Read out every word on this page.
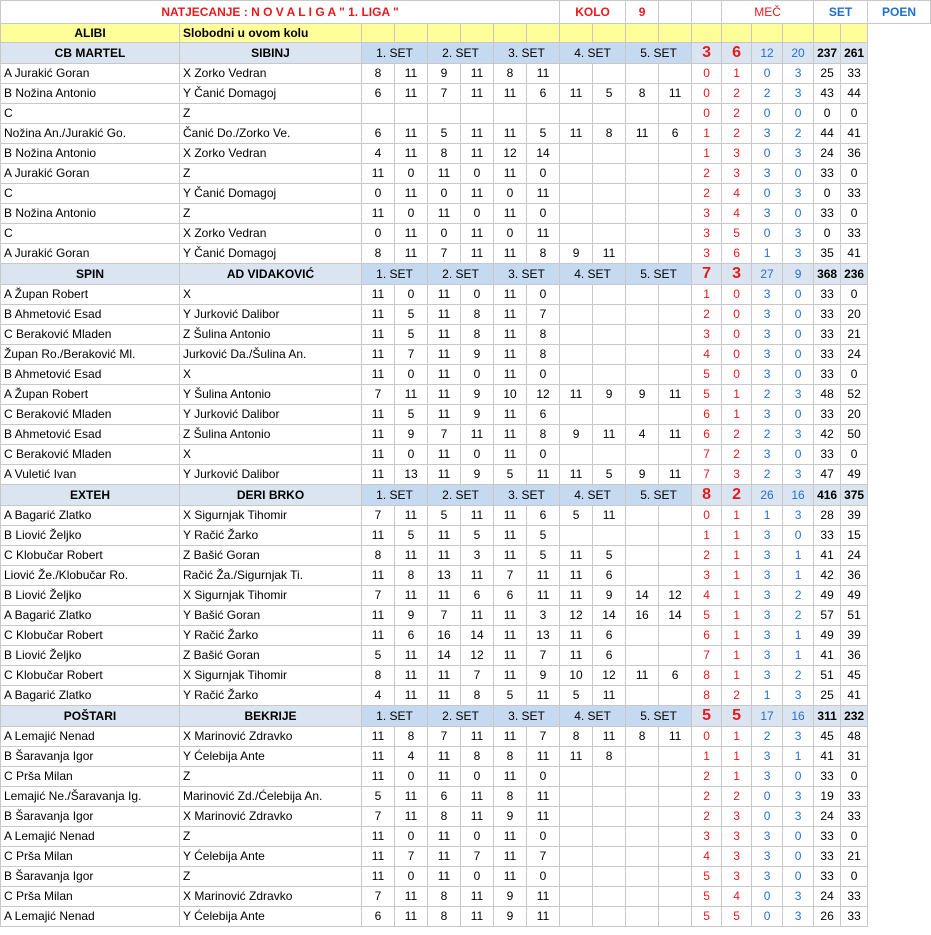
NATJECANJE : N O V A L I G A " 1. LIGA "								KOLO		9			MEČ			SET		POEN
ALIBI	Slobodni u ovom kolu																	
CB MARTEL	SIBINJ	1. SET		2. SET		3. SET		4. SET		5. SET		3	6	12	20	237	261	
A Jurakić Goran	X Zorko Vedran	8	11	9	11	8	11					0	1	0	3	25	33	
B Nožina Antonio	Y Čanić Domagoj	6	11	7	11	11	6	11	5	8	11	0	2	2	3	43	44	
C	Z											0	2	0	0	0	0	
Nožina An./Jurakić Go.	Čanić Do./Zorko Ve.	6	11	5	11	11	5	11	8	11	6	1	2	3	2	44	41	
B Nožina Antonio	X Zorko Vedran	4	11	8	11	12	14					1	3	0	3	24	36	
A Jurakić Goran	Z	11	0	11	0	11	0					2	3	3	0	33	0	
C	Y Čanić Domagoj	0	11	0	11	0	11					2	4	0	3	0	33	
B Nožina Antonio	Z	11	0	11	0	11	0					3	4	3	0	33	0	
C	X Zorko Vedran	0	11	0	11	0	11					3	5	0	3	0	33	
A Jurakić Goran	Y Čanić Domagoj	8	11	7	11	11	8	9	11			3	6	1	3	35	41	
SPIN	AD VIDAKOVIĆ	1. SET		2. SET		3. SET		4. SET		5. SET		7	3	27	9	368	236	
A Župan Robert	X	11	0	11	0	11	0					1	0	3	0	33	0	
B Ahmetović Esad	Y Jurković Dalibor	11	5	11	8	11	7					2	0	3	0	33	20	
C Beraković Mladen	Z Šulina Antonio	11	5	11	8	11	8					3	0	3	0	33	21	
Župan Ro./Beraković Ml.	Jurković Da./Šulina An.	11	7	11	9	11	8					4	0	3	0	33	24	
B Ahmetović Esad	X	11	0	11	0	11	0					5	0	3	0	33	0	
A Župan Robert	Y Šulina Antonio	7	11	11	9	10	12	11	9	9	11	5	1	2	3	48	52	
C Beraković Mladen	Y Jurković Dalibor	11	5	11	9	11	6					6	1	3	0	33	20	
B Ahmetović Esad	Z Šulina Antonio	11	9	7	11	11	8	9	11	4	11	6	2	2	3	42	50	
C Beraković Mladen	X	11	0	11	0	11	0					7	2	3	0	33	0	
A Vuletić Ivan	Y Jurković Dalibor	11	13	11	9	5	11	11	5	9	11	7	3	2	3	47	49	
EXTEH	DERI BRKO	1. SET		2. SET		3. SET		4. SET		5. SET		8	2	26	16	416	375	
A Bagarić Zlatko	X Sigurnjak Tihomir	7	11	5	11	11	6	5	11			0	1	1	3	28	39	
B Liović Željko	Y Račić Žarko	11	5	11	5	11	5					1	1	3	0	33	15	
C Klobučar Robert	Z Bašić Goran	8	11	11	3	11	5	11	5			2	1	3	1	41	24	
Liović Že./Klobučar Ro.	Račić Ža./Sigurnjak Ti.	11	8	13	11	7	11	11	6			3	1	3	1	42	36	
B Liović Željko	X Sigurnjak Tihomir	7	11	11	6	6	11	11	9	14	12	4	1	3	2	49	49	
A Bagarić Zlatko	Y Bašić Goran	11	9	7	11	11	3	12	14	16	14	5	1	3	2	57	51	
C Klobučar Robert	Y Račić Žarko	11	6	16	14	11	13	11	6			6	1	3	1	49	39	
B Liović Željko	Z Bašić Goran	5	11	14	12	11	7	11	6			7	1	3	1	41	36	
C Klobučar Robert	X Sigurnjak Tihomir	8	11	11	7	11	9	10	12	11	6	8	1	3	2	51	45	
A Bagarić Zlatko	Y Račić Žarko	4	11	11	8	5	11	5	11			8	2	1	3	25	41	
POŠTARI	BEKRIJE	1. SET		2. SET		3. SET		4. SET		5. SET		5	5	17	16	311	232	
A Lemajić Nenad	X Marinović Zdravko	11	8	7	11	11	7	8	11	8	11	0	1	2	3	45	48	
B Šaravanja Igor	Y Ćelebija Ante	11	4	11	8	8	11	11	8			1	1	3	1	41	31	
C Prša Milan	Z	11	0	11	0	11	0					2	1	3	0	33	0	
Lemajić Ne./Šaravanja Ig.	Marinović Zd./Ćelebija An.	5	11	6	11	8	11					2	2	0	3	19	33	
B Šaravanja Igor	X Marinović Zdravko	7	11	8	11	9	11					2	3	0	3	24	33	
A Lemajić Nenad	Z	11	0	11	0	11	0					3	3	3	0	33	0	
C Prša Milan	Y Ćelebija Ante	11	7	11	7	11	7					4	3	3	0	33	21	
B Šaravanja Igor	Z	11	0	11	0	11	0					5	3	3	0	33	0	
C Prša Milan	X Marinović Zdravko	7	11	8	11	9	11					5	4	0	3	24	33	
A Lemajić Nenad	Y Ćelebija Ante	6	11	8	11	9	11					5	5	0	3	26	33	
